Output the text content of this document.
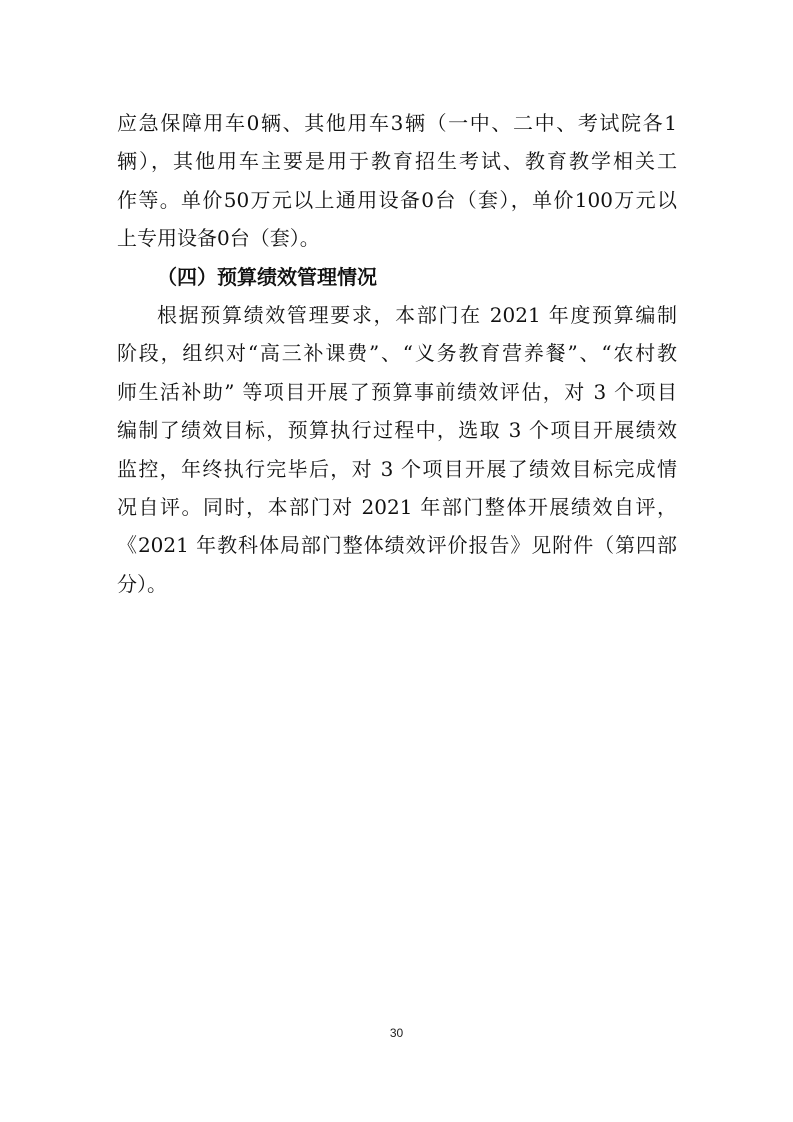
应急保障用车0辆、其他用车3辆（一中、二中、考试院各1
辆），其他用车主要是用于教育招生考试、教育教学相关工
作等。单价50万元以上通用设备0台（套），单价100万元以
上专用设备0台（套）。
（四）预算绩效管理情况
根据预算绩效管理要求，本部门在 2021 年度预算编制
阶段，组织对“高三补课费”、“义务教育营养餐”、“农村教
师生活补助” 等项目开展了预算事前绩效评估，对 3 个项目
编制了绩效目标，预算执行过程中，选取 3 个项目开展绩效
监控，年终执行完毕后，对 3 个项目开展了绩效目标完成情
况自评。同时，本部门对 2021 年部门整体开展绩效自评，
《2021 年教科体局部门整体绩效评价报告》见附件（第四部
分）。
30
